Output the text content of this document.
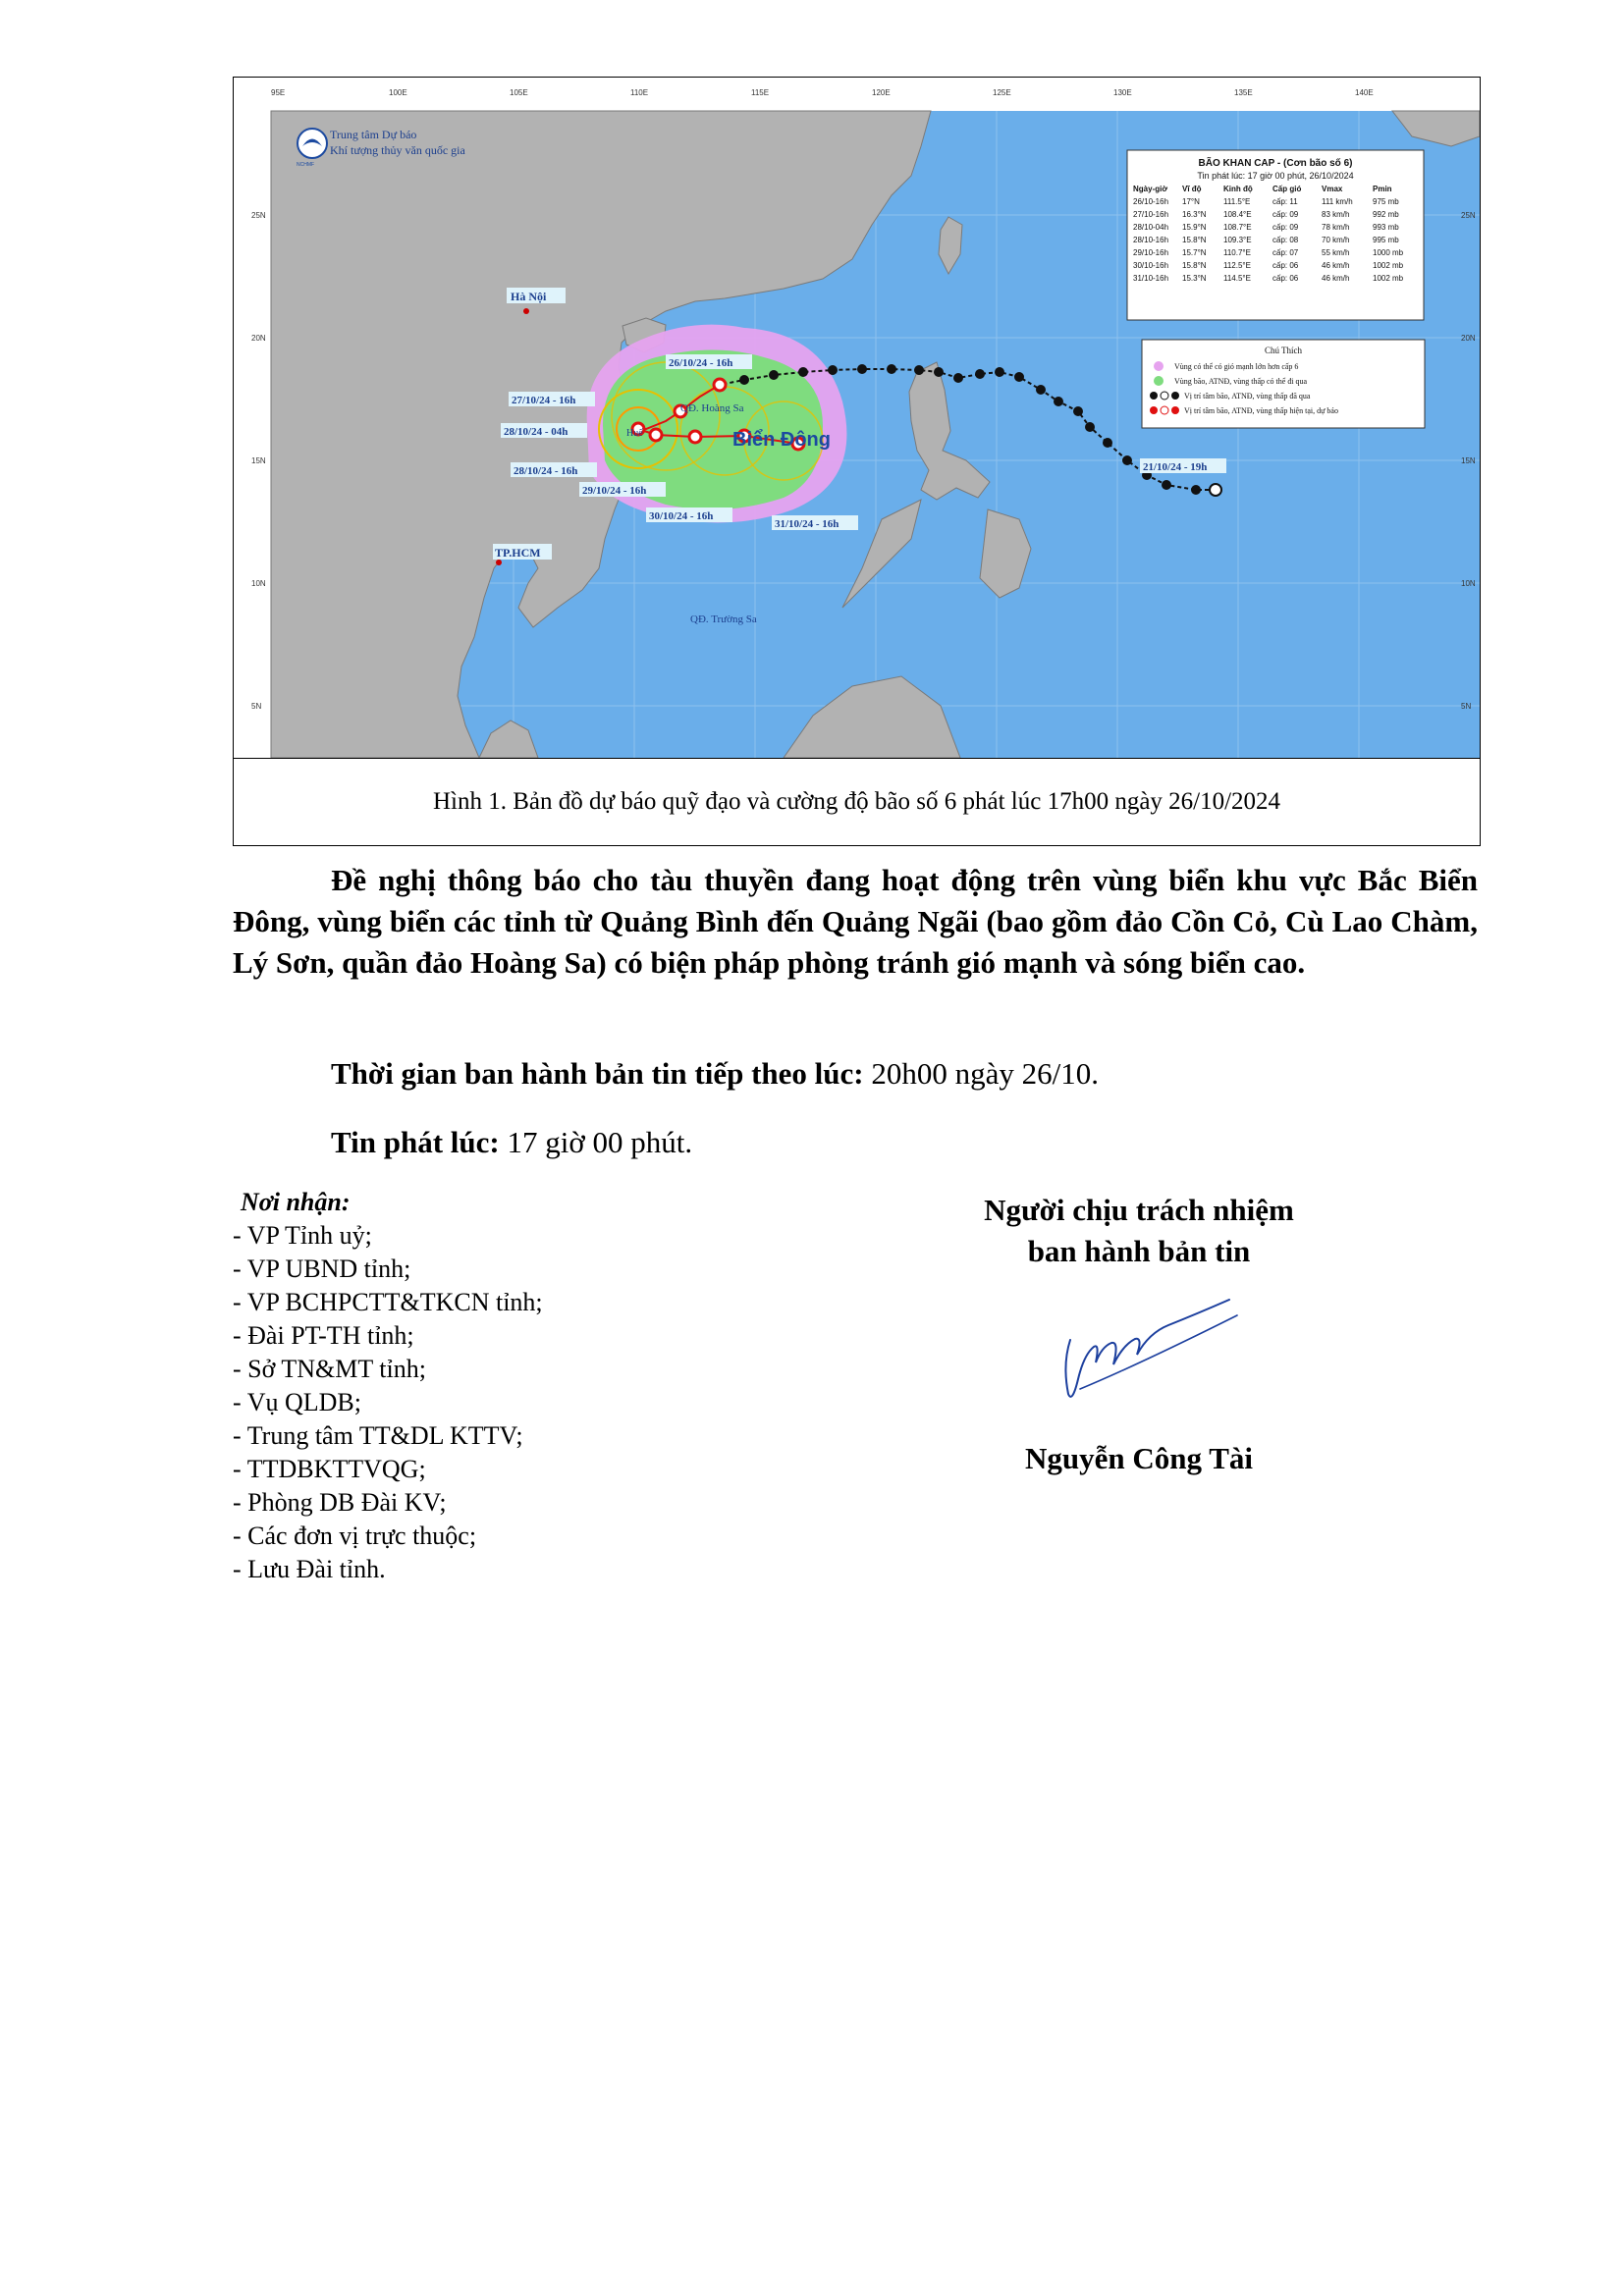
95E	100E	105E	110E	115E	120E	125E	130E	135E	140E
25N
20N
15N
10N
5N
25N
20N
15N
10N
5N
NCHMF
Trung tâm Dự báo
Khí tượng thủy văn quốc gia
Hà Nội
TP.HCM
QĐ. Hoàng Sa
QĐ. Trường Sa
Huế	Biển Đông
26/10/24 - 16h
27/10/24 - 16h
28/10/24 - 04h
28/10/24 - 16h
29/10/24 - 16h
30/10/24 - 16h
31/10/24 - 16h
21/10/24 - 19h
BÃO KHAN CAP - (Cơn bão số 6)
Tin phát lúc: 17 giờ 00 phút, 26/10/2024
Ngày-giờ Vĩ độ	Kinh độ	Cấp gió	Vmax	Pmin
26/10-16h 17°N	111.5°E	cấp: 11	111 km/h	975 mb
27/10-16h 16.3°N 108.4°E	cấp: 09	83 km/h	992 mb
28/10-04h 15.9°N 108.7°E	cấp: 09	78 km/h	993 mb
28/10-16h 15.8°N 109.3°E	cấp: 08	70 km/h	995 mb
29/10-16h 15.7°N 110.7°E	cấp: 07	55 km/h	1000 mb
30/10-16h 15.8°N 112.5°E	cấp: 06	46 km/h	1002 mb
31/10-16h 15.3°N 114.5°E	cấp: 06	46 km/h	1002 mb
Chú Thích
Vùng có thể có gió mạnh lớn hơn cấp 6
Vùng bão, ATNĐ, vùng thấp có thể đi qua
Vị trí tâm bão, ATNĐ, vùng thấp đã qua
Vị trí tâm bão, ATNĐ, vùng thấp hiện tại, dự báo
Hình 1. Bản đồ dự báo quỹ đạo và cường độ bão số 6 phát lúc 17h00 ngày 26/10/2024
Đề nghị thông báo cho tàu thuyền đang hoạt động trên vùng biển khu vực Bắc Biển Đông, vùng biển các tỉnh từ Quảng Bình đến Quảng Ngãi (bao gồm đảo Cồn Cỏ, Cù Lao Chàm, Lý Sơn, quần đảo Hoàng Sa) có biện pháp phòng tránh gió mạnh và sóng biển cao.
Thời gian ban hành bản tin tiếp theo lúc: 20h00 ngày 26/10.
Tin phát lúc: 17 giờ 00 phút.
Nơi nhận:
- VP Tỉnh uỷ;
- VP UBND tỉnh;
- VP BCHPCTT&TKCN tỉnh;
- Đài PT-TH tỉnh;
- Sở TN&MT tỉnh;
- Vụ QLDB;
- Trung tâm TT&DL KTTV;
- TTDBKTTVQG;
- Phòng DB Đài KV;
- Các đơn vị trực thuộc;
- Lưu Đài tỉnh.
Người chịu trách nhiệm
ban hành bản tin
Nguyễn Công Tài
